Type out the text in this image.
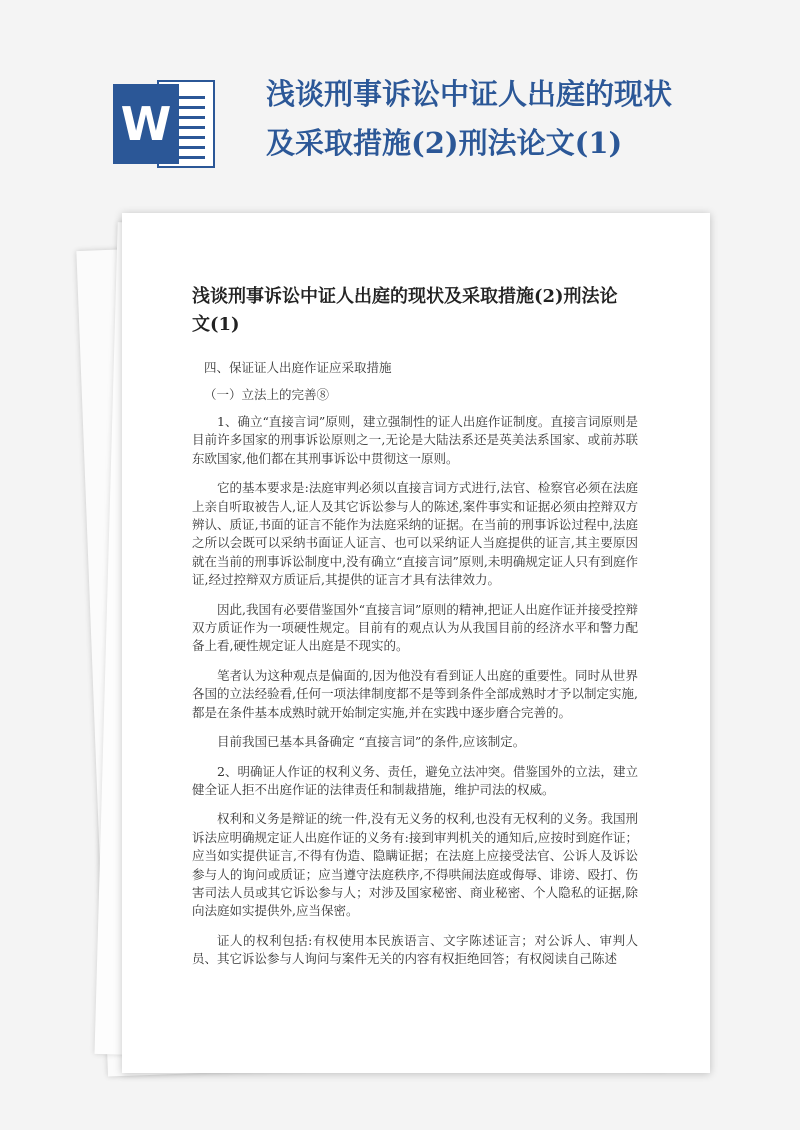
W
浅谈刑事诉讼中证人出庭的现状及采取措施(2)刑法论文(1)
浅谈刑事诉讼中证人出庭的现状及采取措施(2)刑法论文(1)

四、保证证人出庭作证应采取措施

（一）立法上的完善⑧

1、确立“直接言词”原则，建立强制性的证人出庭作证制度。直接言词原则是目前许多国家的刑事诉讼原则之一,无论是大陆法系还是英美法系国家、或前苏联东欧国家,他们都在其刑事诉讼中贯彻这一原则。

它的基本要求是:法庭审判必须以直接言词方式进行,法官、检察官必须在法庭上亲自听取被告人,证人及其它诉讼参与人的陈述,案件事实和证据必须由控辩双方辨认、质证,书面的证言不能作为法庭采纳的证据。在当前的刑事诉讼过程中,法庭之所以会既可以采纳书面证人证言、也可以采纳证人当庭提供的证言,其主要原因就在当前的刑事诉讼制度中,没有确立“直接言词”原则,未明确规定证人只有到庭作证,经过控辩双方质证后,其提供的证言才具有法律效力。

因此,我国有必要借鉴国外“直接言词”原则的精神,把证人出庭作证并接受控辩双方质证作为一项硬性规定。目前有的观点认为从我国目前的经济水平和警力配备上看,硬性规定证人出庭是不现实的。

笔者认为这种观点是偏面的,因为他没有看到证人出庭的重要性。同时从世界各国的立法经验看,任何一项法律制度都不是等到条件全部成熟时才予以制定实施,都是在条件基本成熟时就开始制定实施,并在实践中逐步磨合完善的。

目前我国已基本具备确定 “直接言词”的条件,应该制定。

2、明确证人作证的权利义务、责任，避免立法冲突。借鉴国外的立法，建立健全证人拒不出庭作证的法律责任和制裁措施，维护司法的权威。

权利和义务是辩证的统一件,没有无义务的权利,也没有无权利的义务。我国刑诉法应明确规定证人出庭作证的义务有:接到审判机关的通知后,应按时到庭作证；应当如实提供证言,不得有伪造、隐瞒证据；在法庭上应接受法官、公诉人及诉讼参与人的询问或质证；应当遵守法庭秩序,不得哄闹法庭或侮辱、诽谤、殴打、伤害司法人员或其它诉讼参与人；对涉及国家秘密、商业秘密、个人隐私的证据,除向法庭如实提供外,应当保密。

证人的权利包括:有权使用本民族语言、文字陈述证言；对公诉人、审判人员、其它诉讼参与人询问与案件无关的内容有权拒绝回答；有权阅读自己陈述
